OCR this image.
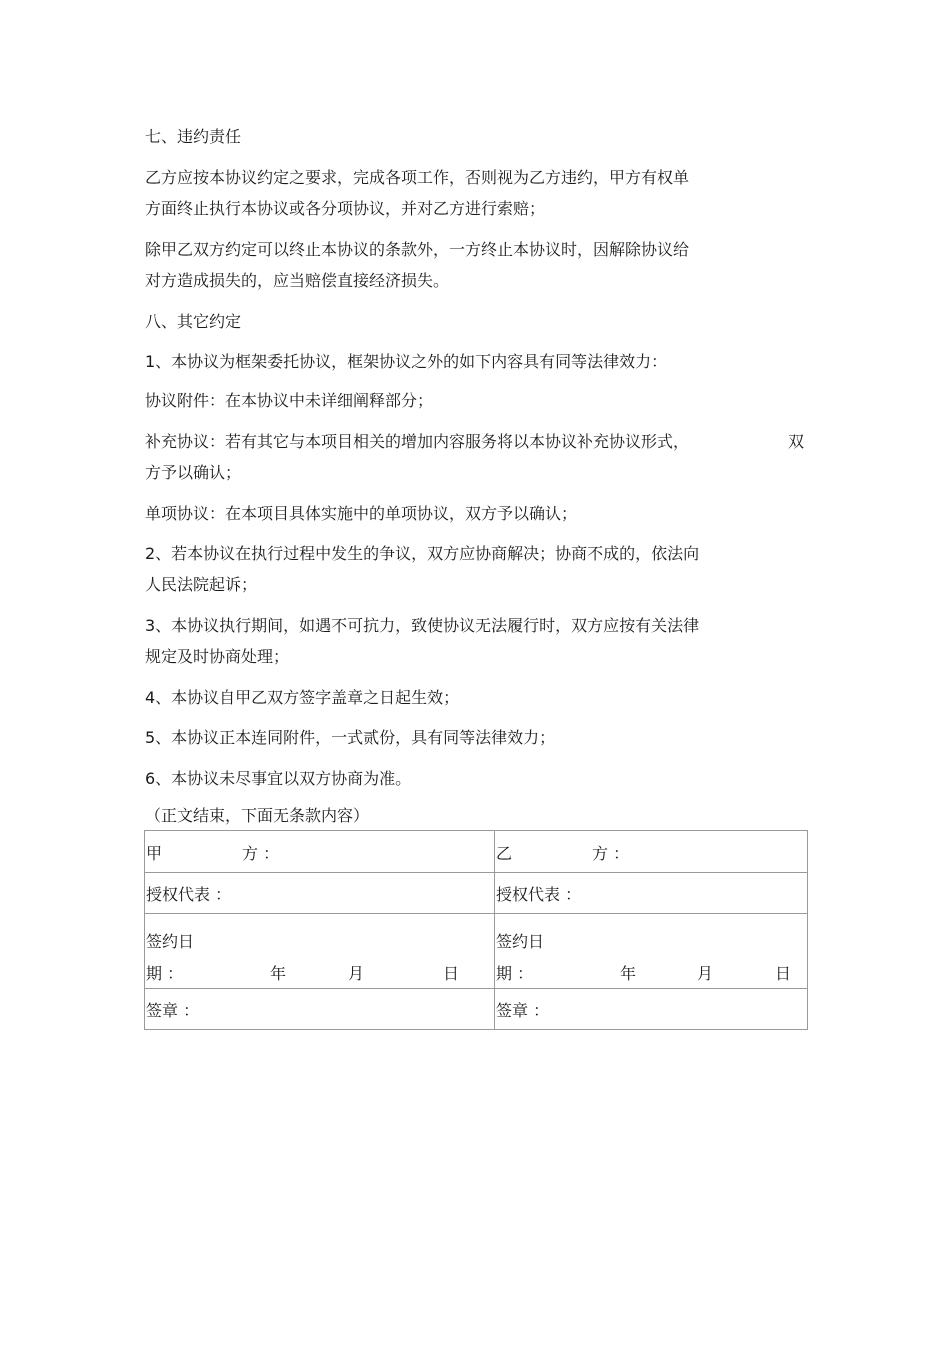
七、违约责任
乙方应按本协议约定之要求，完成各项工作，否则视为乙方违约，甲方有权单
方面终止执行本协议或各分项协议，并对乙方进行索赔；
除甲乙双方约定可以终止本协议的条款外，一方终止本协议时，因解除协议给
对方造成损失的，应当赔偿直接经济损失。
八、其它约定
1、本协议为框架委托协议，框架协议之外的如下内容具有同等法律效力：
协议附件：在本协议中未详细阐释部分；
补充协议：若有其它与本项目相关的增加内容服务将以本协议补充协议形式，	双
方予以确认；
单项协议：在本项目具体实施中的单项协议，双方予以确认；
2、若本协议在执行过程中发生的争议，双方应协商解决；协商不成的，依法向
人民法院起诉；
3、本协议执行期间，如遇不可抗力，致使协议无法履行时，双方应按有关法律
规定及时协商处理；
4、本协议自甲乙双方签字盖章之日起生效；
5、本协议正本连同附件，一式贰份，具有同等法律效力；
6、本协议未尽事宜以双方协商为准。
（正文结束，下面无条款内容）
甲 方 ：	乙 方 ：

授权代表 ：	授权代表 ：

签约日
期 ： 年 月 日	签约日
期 ： 年 月 日

签章 ：	签章 ：
